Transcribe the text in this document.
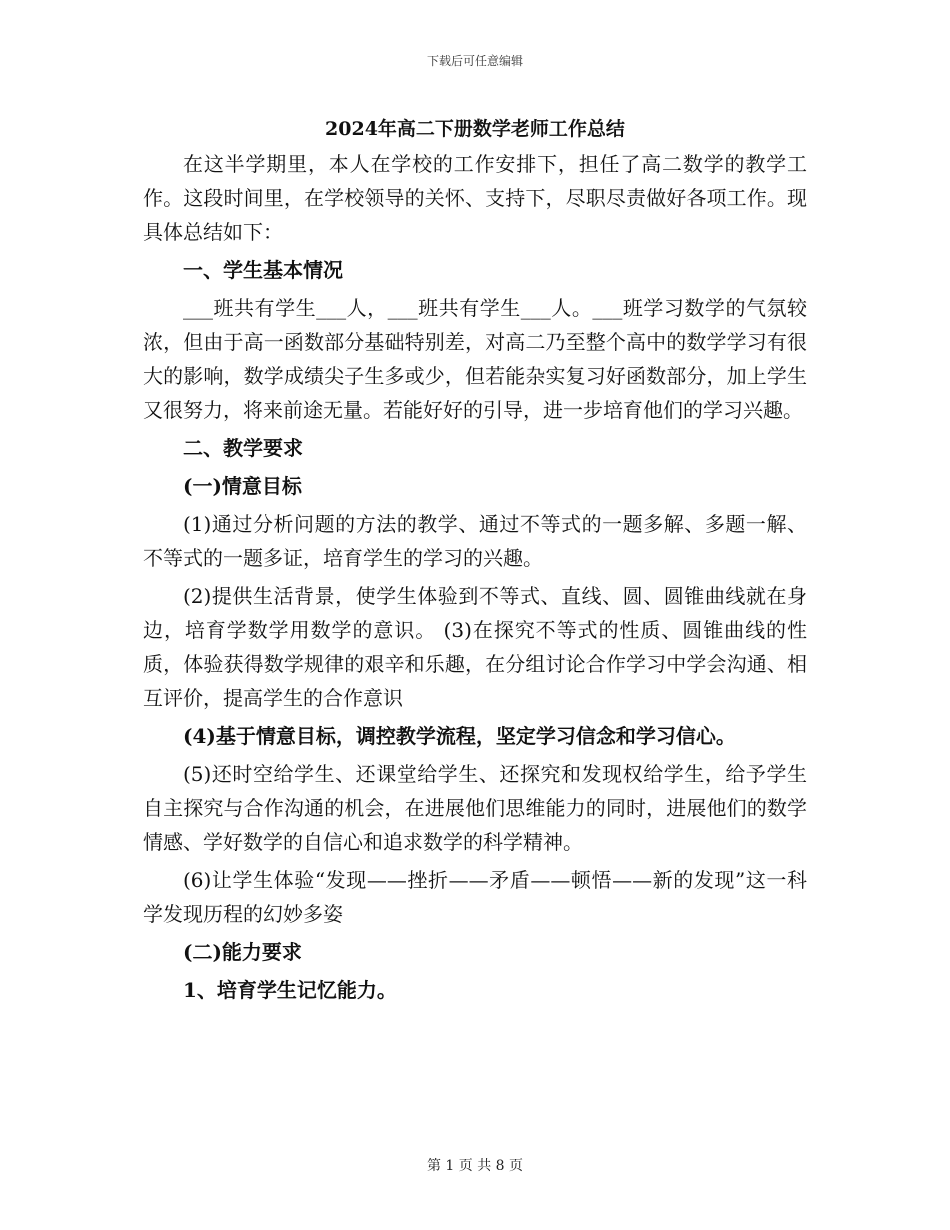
下载后可任意编辑
2024年高二下册数学老师工作总结

在这半学期里，本人在学校的工作安排下，担任了高二数学的教学工作。这段时间里，在学校领导的关怀、支持下，尽职尽责做好各项工作。现具体总结如下：

一、学生基本情况

___班共有学生___人，___班共有学生___人。___班学习数学的气氛较浓，但由于高一函数部分基础特别差，对高二乃至整个高中的数学学习有很大的影响，数学成绩尖子生多或少，但若能杂实复习好函数部分，加上学生又很努力，将来前途无量。若能好好的引导，进一步培育他们的学习兴趣。

二、教学要求

(一)情意目标

(1)通过分析问题的方法的教学、通过不等式的一题多解、多题一解、不等式的一题多证，培育学生的学习的兴趣。

(2)提供生活背景，使学生体验到不等式、直线、圆、圆锥曲线就在身边，培育学数学用数学的意识。 (3)在探究不等式的性质、圆锥曲线的性质，体验获得数学规律的艰辛和乐趣，在分组讨论合作学习中学会沟通、相互评价，提高学生的合作意识

(4)基于情意目标，调控教学流程，坚定学习信念和学习信心。

(5)还时空给学生、还课堂给学生、还探究和发现权给学生，给予学生自主探究与合作沟通的机会，在进展他们思维能力的同时，进展他们的数学情感、学好数学的自信心和追求数学的科学精神。

(6)让学生体验“发现——挫折——矛盾——顿悟——新的发现”这一科学发现历程的幻妙多姿

(二)能力要求

1、培育学生记忆能力。

第 1 页 共 8 页
